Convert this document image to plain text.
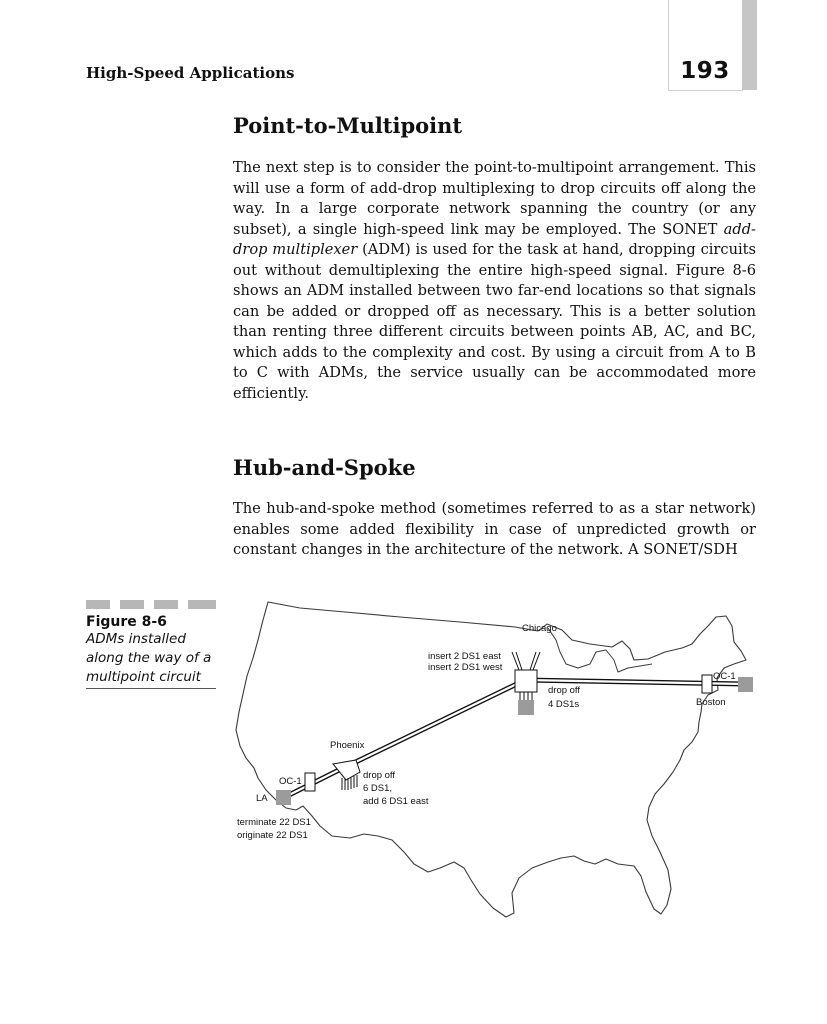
193
High-Speed Applications
Point-to-Multipoint

The next step is to consider the point-to-multipoint arrangement. This will use a form of add-drop multiplexing to drop circuits off along the way. In a large corporate network spanning the country (or any subset), a single high-speed link may be employed. The SONET add-drop multiplexer (ADM) is used for the task at hand, dropping circuits out without demultiplexing the entire high-speed signal. Figure 8-6 shows an ADM installed between two far-end locations so that signals can be added or dropped off as necessary. This is a better solution than renting three different circuits between points AB, AC, and BC, which adds to the complexity and cost. By using a circuit from A to B to C with ADMs, the service usually can be accommodated more efficiently.

Hub-and-Spoke

The hub-and-spoke method (sometimes referred to as a star network) enables some added flexibility in case of unpredicted growth or constant changes in the architecture of the network. A SONET/SDH

Figure 8-6
ADMs installed along the way of a multipoint circuit
Chicago
insert 2 DS1 east
insert 2 DS1 west
drop off
4 DS1s
OC-1
Boston
Phoenix
drop off
6 DS1,
add 6 DS1 east
OC-1
LA
terminate 22 DS1
originate 22 DS1
